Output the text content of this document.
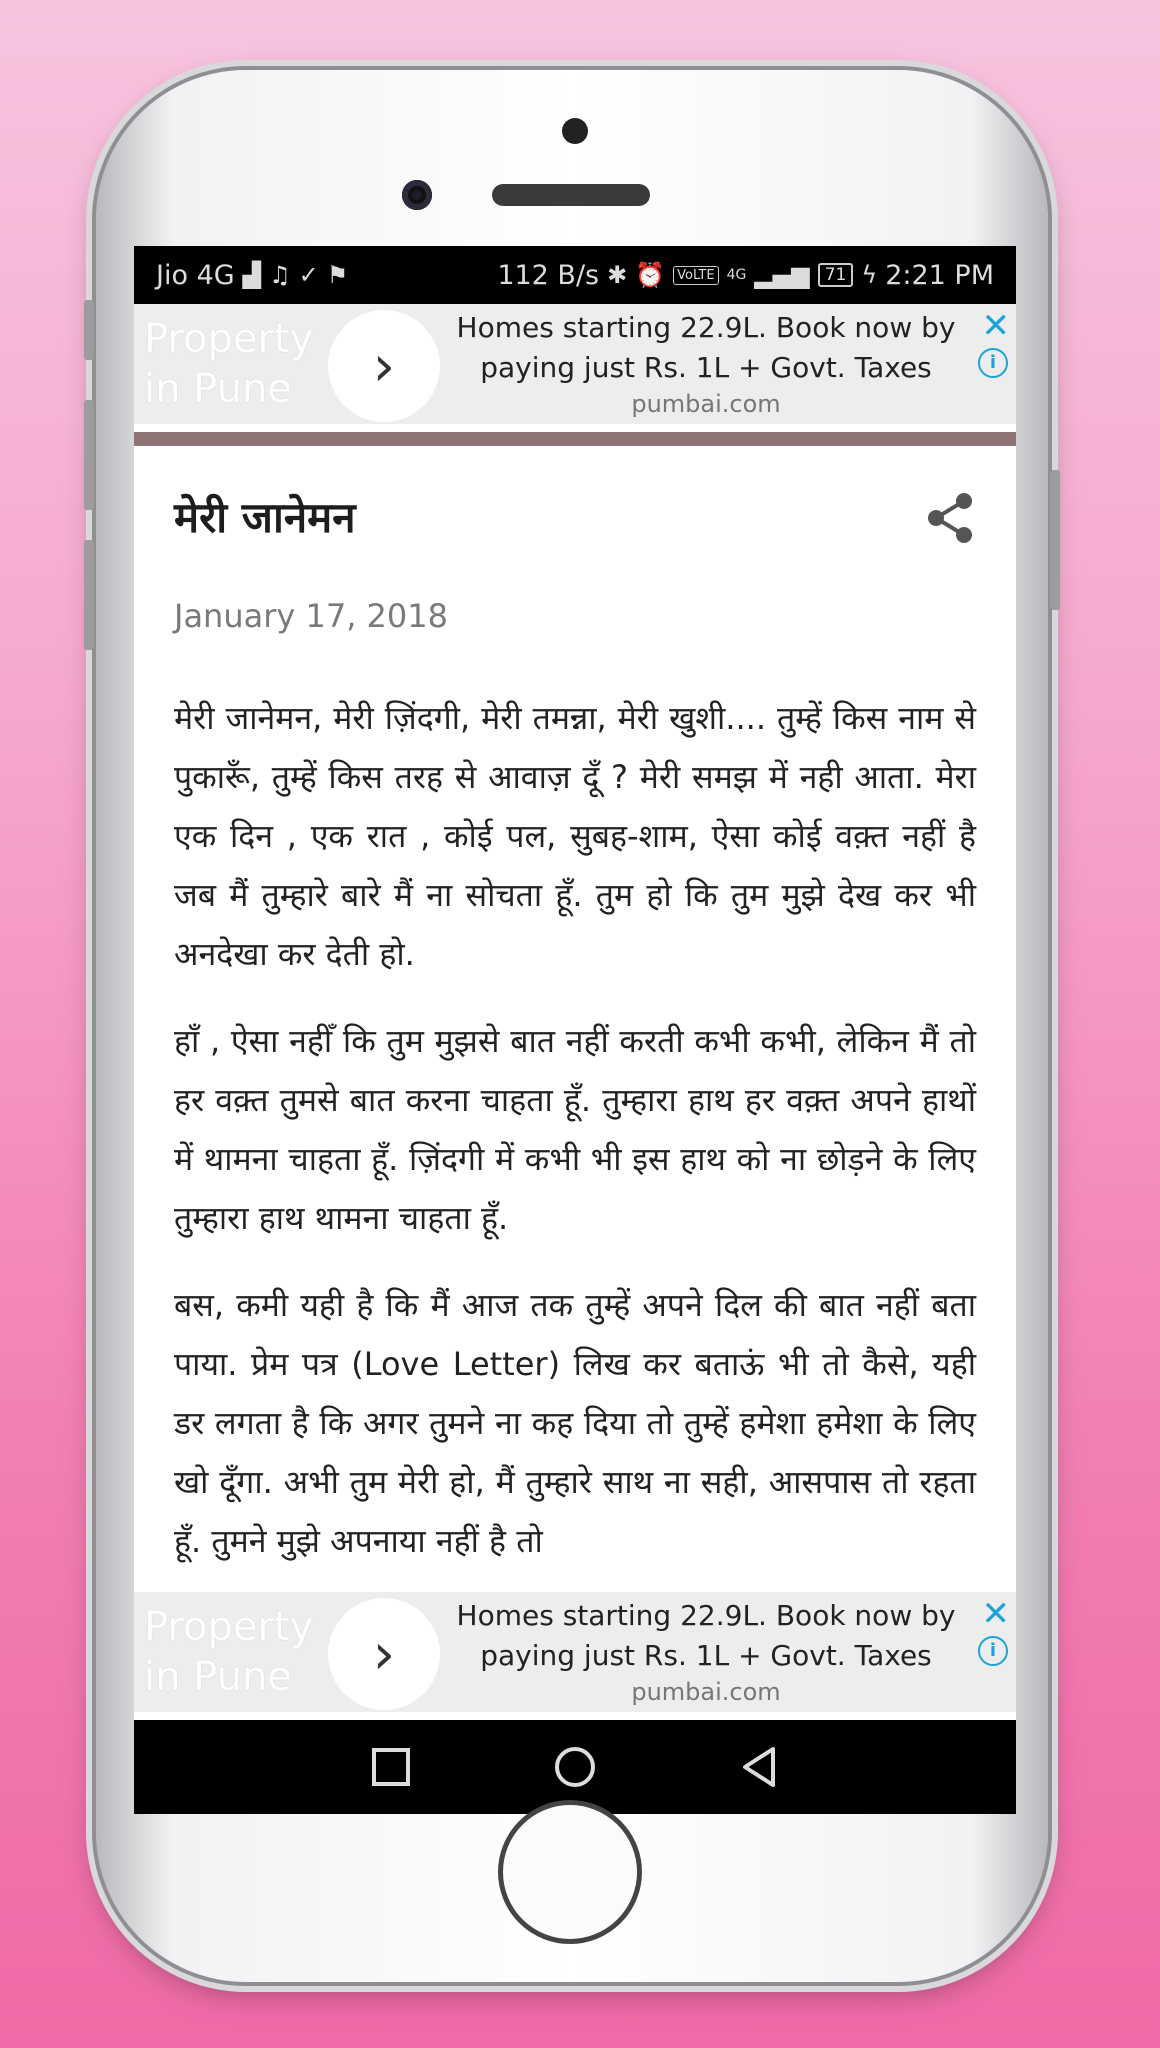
Jio 4G ▟ ♫ ✓ ⚑	112 B/s ✱ ⏰ VoLTE 4G ▂▄▆ 71 ϟ 2:21 PM
Property
in Pune	›
Homes starting 22.9L. Book now by
paying just Rs. 1L + Govt. Taxes
pumbai.com
✕
i
मेरी जानेमन
January 17, 2018

मेरी जानेमन, मेरी ज़िंदगी, मेरी तमन्ना, मेरी खुशी.... तुम्हें किस नाम से पुकारूँ, तुम्हें किस तरह से आवाज़ दूँ ? मेरी समझ में नही आता. मेरा एक दिन , एक रात , कोई पल, सुबह-शाम, ऐसा कोई वक़्त नहीं है जब मैं तुम्हारे बारे मैं ना सोचता हूँ. तुम हो कि तुम मुझे देख कर भी अनदेखा कर देती हो.

हाँ , ऐसा नहीँ कि तुम मुझसे बात नहीं करती कभी कभी, लेकिन मैं तो हर वक़्त तुमसे बात करना चाहता हूँ. तुम्हारा हाथ हर वक़्त अपने हाथों में थामना चाहता हूँ. ज़िंदगी में कभी भी इस हाथ को ना छोड़ने के लिए तुम्हारा हाथ थामना चाहता हूँ.

बस, कमी यही है कि मैं आज तक तुम्हें अपने दिल की बात नहीं बता पाया. प्रेम पत्र (Love Letter) लिख कर बताऊं भी तो कैसे, यही डर लगता है कि अगर तुमने ना कह दिया तो तुम्हें हमेशा हमेशा के लिए खो दूँगा. अभी तुम मेरी हो, मैं तुम्हारे साथ ना सही, आसपास तो रहता हूँ. तुमने मुझे अपनाया नहीं है तो

Property
in Pune	›
Homes starting 22.9L. Book now by
paying just Rs. 1L + Govt. Taxes
pumbai.com
✕
i
